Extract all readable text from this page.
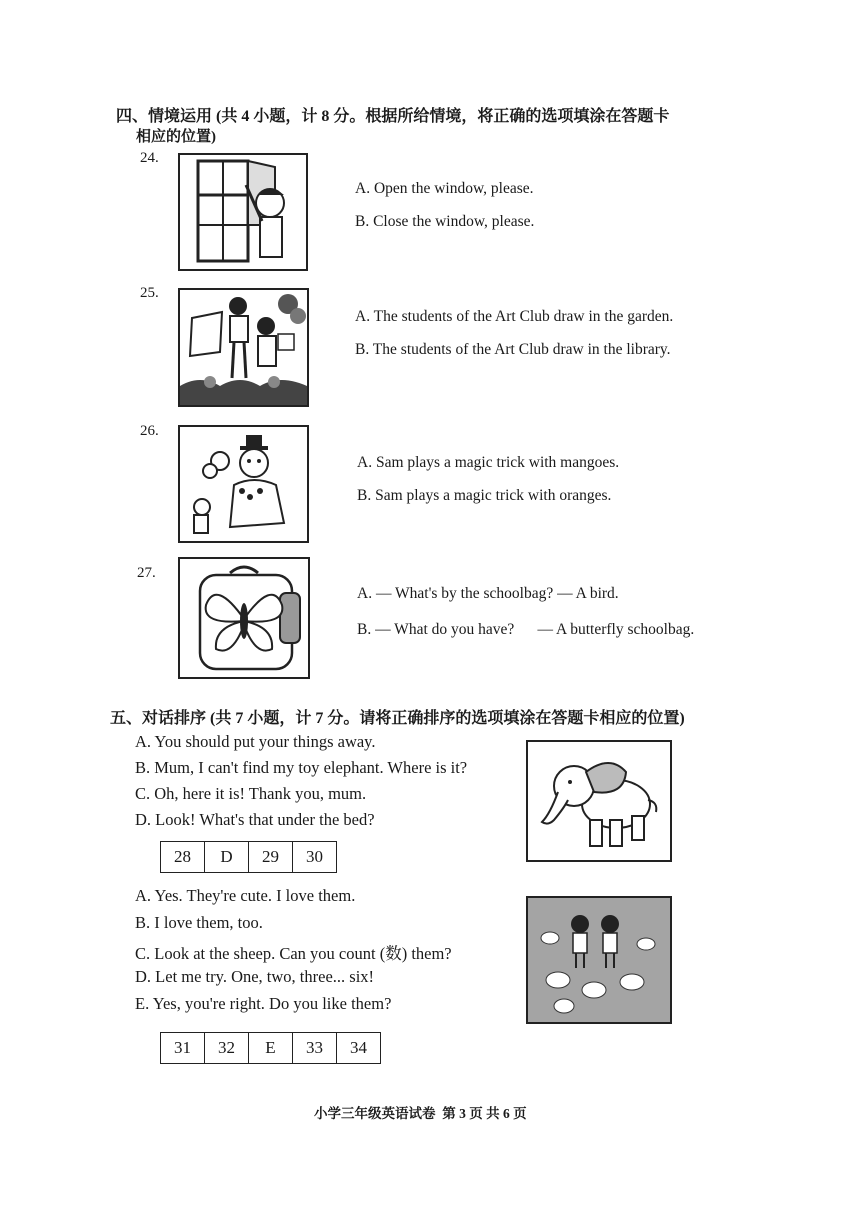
四、情境运用 (共 4 小题，计 8 分。根据所给情境，将正确的选项填涂在答题卡
相应的位置)
24.
A. Open the window, please.
B. Close the window, please.
25.
A. The students of the Art Club draw in the garden.
B. The students of the Art Club draw in the library.
26.
A. Sam plays a magic trick with mangoes.
B. Sam plays a magic trick with oranges.
27.
A. — What's by the schoolbag? — A bird.
B. — What do you have?      — A butterfly schoolbag.
五、对话排序 (共 7 小题，计 7 分。请将正确排序的选项填涂在答题卡相应的位置)
A. You should put your things away.
B. Mum, I can't find my toy elephant. Where is it?
C. Oh, here it is! Thank you, mum.
D. Look! What's that under the bed?
28	D	29	30
A. Yes. They're cute. I love them.
B. I love them, too.
C. Look at the sheep. Can you count (数) them?
D. Let me try. One, two, three... six!
E. Yes, you're right. Do you like them?
31	32	E	33	34
小学三年级英语试卷  第 3 页 共 6 页
